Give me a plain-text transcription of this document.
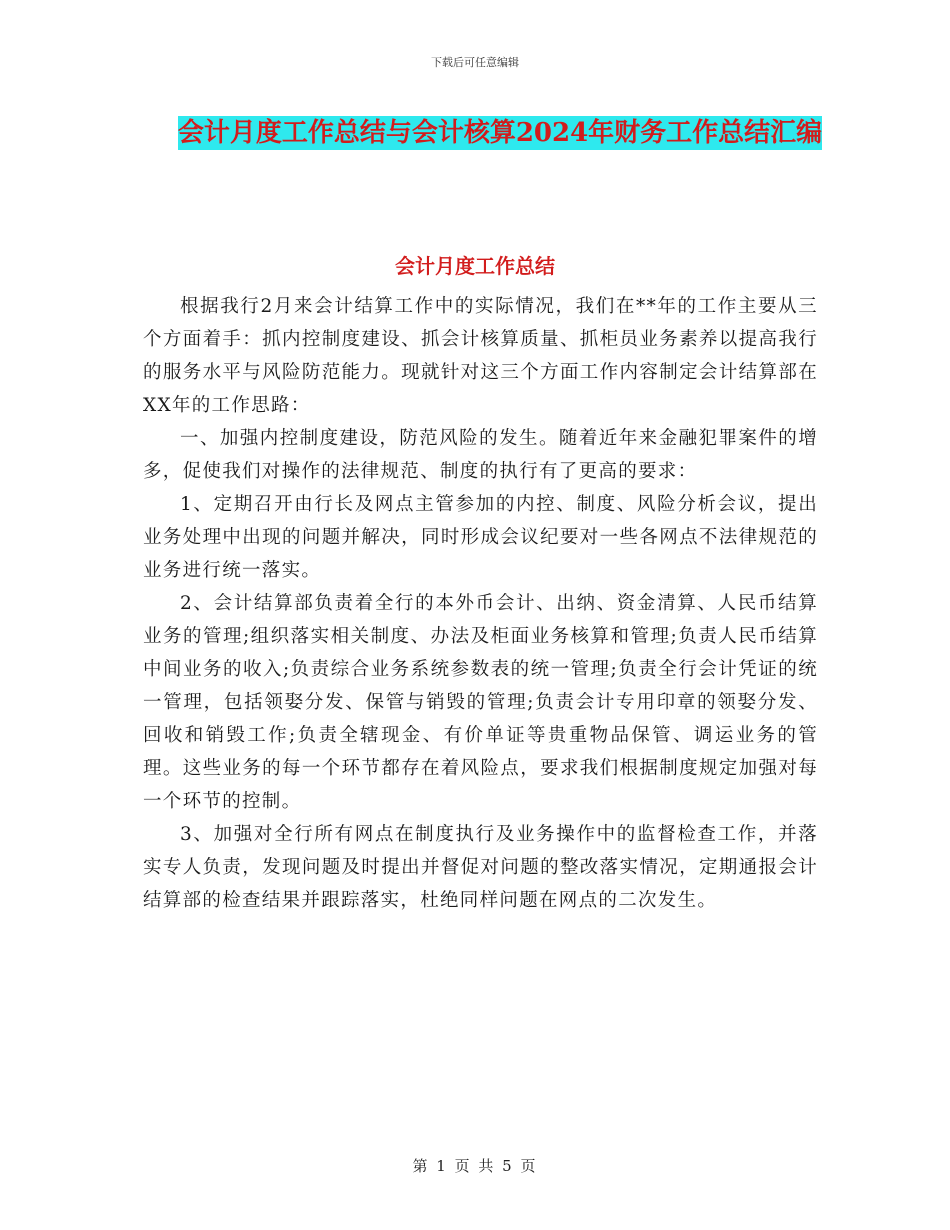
下载后可任意编辑
会计月度工作总结与会计核算2024年财务工作总结汇编
会计月度工作总结

根据我行2月来会计结算工作中的实际情况，我们在**年的工作主要从三个方面着手：抓内控制度建设、抓会计核算质量、抓柜员业务素养以提高我行的服务水平与风险防范能力。现就针对这三个方面工作内容制定会计结算部在XX年的工作思路：

一、加强内控制度建设，防范风险的发生。随着近年来金融犯罪案件的增多，促使我们对操作的法律规范、制度的执行有了更高的要求：

1、定期召开由行长及网点主管参加的内控、制度、风险分析会议，提出业务处理中出现的问题并解决，同时形成会议纪要对一些各网点不法律规范的业务进行统一落实。

2、会计结算部负责着全行的本外币会计、出纳、资金清算、人民币结算业务的管理;组织落实相关制度、办法及柜面业务核算和管理;负责人民币结算中间业务的收入;负责综合业务系统参数表的统一管理;负责全行会计凭证的统一管理，包括领娶分发、保管与销毁的管理;负责会计专用印章的领娶分发、回收和销毁工作;负责全辖现金、有价单证等贵重物品保管、调运业务的管理。这些业务的每一个环节都存在着风险点，要求我们根据制度规定加强对每一个环节的控制。

3、加强对全行所有网点在制度执行及业务操作中的监督检查工作，并落实专人负责，发现问题及时提出并督促对问题的整改落实情况，定期通报会计结算部的检查结果并跟踪落实，杜绝同样问题在网点的二次发生。

第 1 页 共 5 页
